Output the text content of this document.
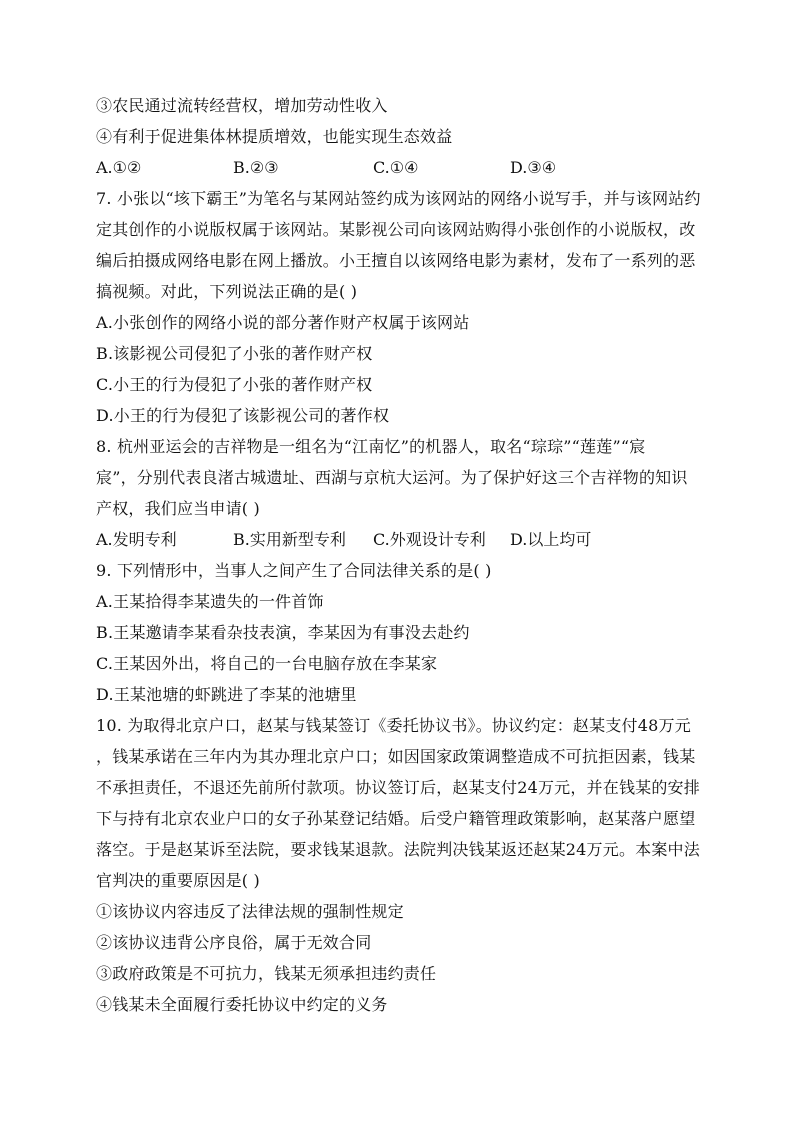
③农民通过流转经营权，增加劳动性收入
④有利于促进集体林提质增效，也能实现生态效益
A.①②	B.②③	C.①④	D.③④
7. 小张以“垓下霸王”为笔名与某网站签约成为该网站的网络小说写手，并与该网站约
定其创作的小说版权属于该网站。某影视公司向该网站购得小张创作的小说版权，改
编后拍摄成网络电影在网上播放。小王擅自以该网络电影为素材，发布了一系列的恶
搞视频。对此，下列说法正确的是( )
A.小张创作的网络小说的部分著作财产权属于该网站
B.该影视公司侵犯了小张的著作财产权
C.小王的行为侵犯了小张的著作财产权
D.小王的行为侵犯了该影视公司的著作权
8. 杭州亚运会的吉祥物是一组名为“江南忆”的机器人，取名“琮琮”“莲莲”“宸
宸”，分别代表良渚古城遗址、西湖与京杭大运河。为了保护好这三个吉祥物的知识
产权，我们应当申请( )
A.发明专利	B.实用新型专利 C.外观设计专利 D.以上均可
9. 下列情形中，当事人之间产生了合同法律关系的是( )
A.王某拾得李某遗失的一件首饰
B.王某邀请李某看杂技表演，李某因为有事没去赴约
C.王某因外出，将自己的一台电脑存放在李某家
D.王某池塘的虾跳进了李某的池塘里
10. 为取得北京户口，赵某与钱某签订《委托协议书》。协议约定：赵某支付48万元
，钱某承诺在三年内为其办理北京户口；如因国家政策调整造成不可抗拒因素，钱某
不承担责任，不退还先前所付款项。协议签订后，赵某支付24万元，并在钱某的安排
下与持有北京农业户口的女子孙某登记结婚。后受户籍管理政策影响，赵某落户愿望
落空。于是赵某诉至法院，要求钱某退款。法院判决钱某返还赵某24万元。本案中法
官判决的重要原因是( )
①该协议内容违反了法律法规的强制性规定
②该协议违背公序良俗，属于无效合同
③政府政策是不可抗力，钱某无须承担违约责任
④钱某未全面履行委托协议中约定的义务
